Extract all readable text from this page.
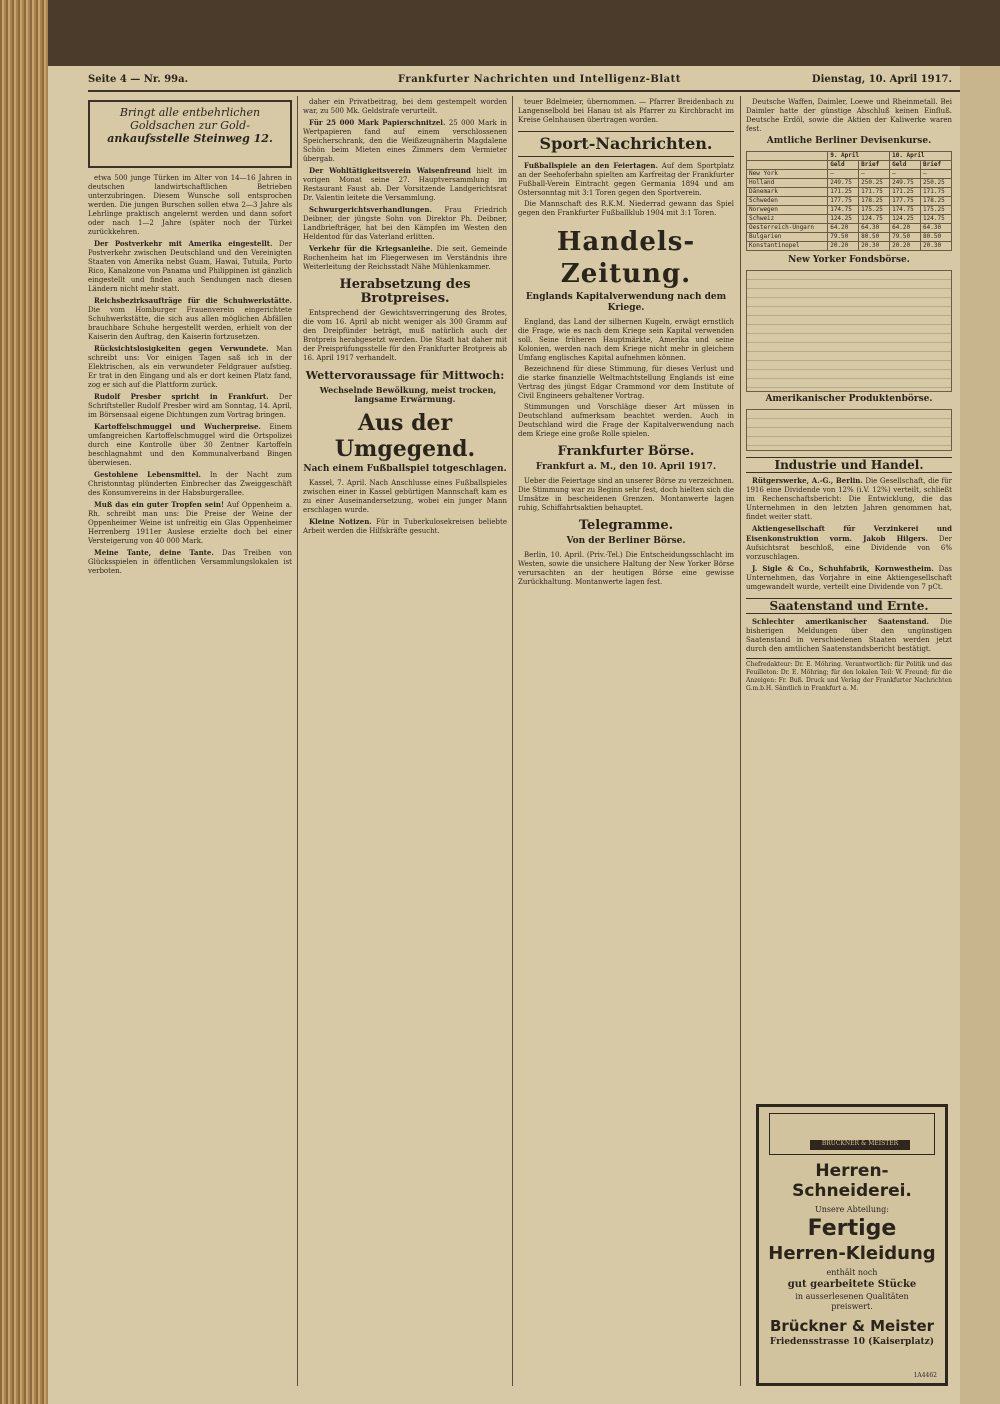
Seite 4 — Nr. 99a.	Frankfurter Nachrichten und Intelligenz-Blatt	Dienstag, 10. April 1917.
Bringt alle entbehrlichen
Goldsachen zur Gold-
ankaufsstelle Steinweg 12.

etwa 500 junge Türken im Alter von 14—16 Jahren in deutschen landwirtschaftlichen Betrieben unterzubringen. Diesem Wunsche soll entsprochen werden. Die jungen Burschen sollen etwa 2—3 Jahre als Lehrlinge praktisch angelernt werden und dann sofort oder nach 1—2 Jahre (später noch der Türkei zurückkehren.

Der Postverkehr mit Amerika eingestellt. Der Postverkehr zwischen Deutschland und den Vereinigten Staaten von Amerika nebst Guam, Hawai, Tutuila, Porto Rico, Kanalzone von Panama und Philippinen ist gänzlich eingestellt und finden auch Sendungen nach diesen Ländern nicht mehr statt.

Reichsbezirksaufträge für die Schuhwerkstätte. Die vom Homburger Frauenverein eingerichtete Schuhwerkstätte, die sich aus allen möglichen Abfällen brauchbare Schuhe hergestellt werden, erhielt von der Kaiserin den Auftrag, den Kaiserin fortzusetzen.

Rücksichtslosigkeiten gegen Verwundete. Man schreibt uns: Vor einigen Tagen saß ich in der Elektrischen, als ein verwundeter Feldgrauer aufstieg. Er trat in den Eingang und als er dort keinen Platz fand, zog er sich auf die Plattform zurück.

Rudolf Presber spricht in Frankfurt. Der Schriftsteller Rudolf Presber wird am Sonntag, 14. April, im Börsensaal eigene Dichtungen zum Vortrag bringen.

Kartoffelschmuggel und Wucherpreise. Einem umfangreichen Kartoffelschmuggel wird die Ortspolizei durch eine Kontrolle über 30 Zentner Kartoffeln beschlagnahmt und den Kommunalverband Bingen überwiesen.

Gestohlene Lebensmittel. In der Nacht zum Christonntag plünderten Einbrecher das Zweiggeschäft des Konsumvereins in der Habsburgerallee.

Muß das ein guter Tropfen sein! Auf Oppenheim a. Rh. schreibt man uns: Die Preise der Weine der Oppenheimer Weine ist unfreitig ein Glas Oppenheimer Herrenberg 1911er Auslese erzielte doch bei einer Versteigerung von 40 000 Mark.

Meine Tante, deine Tante. Das Treiben von Glücksspielen in öffentlichen Versammlungslokalen ist verboten.

daher ein Privatbeitrag, bei dem gestempelt worden war, zu 500 Mk. Geldstrafe verurteilt.

Für 25 000 Mark Papierschnitzel. 25 000 Mark in Wertpapieren fand auf einem verschlossenen Speicherschrank, den die Weißzeugnäherin Magdalene Schön beim Mieten eines Zimmers dem Vermieter übergab.

Der Wohltätigkeitsverein Waisenfreund hielt im vorigen Monat seine 27. Hauptversammlung im Restaurant Faust ab. Der Vorsitzende Landgerichtsrat Dr. Valentin leitete die Versammlung.

Schwurgerichtsverhandlungen. Frau Friedrich Deibner, der jüngste Sohn von Direktor Ph. Deibner, Landbriefträger, hat bei den Kämpfen im Westen den Heldentod für das Vaterland erlitten.

Verkehr für die Kriegsanleihe. Die seit, Gemeinde Rochenheim hat im Fliegerwesen im Verständnis ihre Weiterleitung der Reichsstadt Nähe Mühlenkammer.

Herabsetzung des Brotpreises.

Entsprechend der Gewichtsverringerung des Brotes, die vom 16. April ab nicht weniger als 300 Gramm auf den Dreipfünder beträgt, muß natürlich auch der Brotpreis herabgesetzt werden. Die Stadt hat daher mit der Preisprüfungsstelle für den Frankfurter Brotpreis ab 16. April 1917 verhandelt.

Wettervoraussage für Mittwoch:

Wechselnde Bewölkung, meist trocken, langsame Erwärmung.

Aus der Umgegend.
Nach einem Fußballspiel totgeschlagen.

Kassel, 7. April. Nach Anschlusse eines Fußballspieles zwischen einer in Kassel gebürtigen Mannschaft kam es zu einer Auseinandersetzung, wobei ein junger Mann erschlagen wurde.

Kleine Notizen. Für in Tuberkulosekreisen beliebte Arbeit werden die Hilfskräfte gesucht.

teuer Bdelmeier, übernommen. — Pfarrer Breidenbach zu Langenselbold bei Hanau ist als Pfarrer zu Kirchbracht im Kreise Gelnhausen übertragen worden.

Sport-Nachrichten.

Fußballspiele an den Feiertagen. Auf dem Sportplatz an der Seehoferbahn spielten am Karfreitag der Frankfurter Fußball-Verein Eintracht gegen Germania 1894 und am Ostersonntag mit 3:1 Toren gegen den Sportverein.

Die Mannschaft des R.K.M. Niederrad gewann das Spiel gegen den Frankfurter Fußballklub 1904 mit 3:1 Toren.

Handels-Zeitung.
Englands Kapitalverwendung nach dem Kriege.

England, das Land der silbernen Kugeln, erwägt ernstlich die Frage, wie es nach dem Kriege sein Kapital verwenden soll. Seine früheren Hauptmärkte, Amerika und seine Kolonien, werden nach dem Kriege nicht mehr in gleichem Umfang englisches Kapital aufnehmen können.

Bezeichnend für diese Stimmung, für dieses Verlust und die starke finanzielle Weltmachtstellung Englands ist eine Vertrag des jüngst Edgar Crammond vor dem Institute of Civil Engineers gehaltener Vortrag.

Stimmungen und Vorschläge dieser Art müssen in Deutschland aufmerksam beachtet werden. Auch in Deutschland wird die Frage der Kapitalverwendung nach dem Kriege eine große Rolle spielen.

Frankfurter Börse.
Frankfurt a. M., den 10. April 1917.

Ueber die Feiertage sind an unserer Börse zu verzeichnen. Die Stimmung war zu Beginn sehr fest, doch hielten sich die Umsätze in bescheidenen Grenzen. Montanwerte lagen ruhig, Schiffahrtsaktien behauptet.

Telegramme.
Von der Berliner Börse.

Berlin, 10. April. (Priv.-Tel.) Die Entscheidungsschlacht im Westen, sowie die unsichere Haltung der New Yorker Börse verursachten an der heutigen Börse eine gewisse Zurückhaltung. Montanwerte lagen fest.

Deutsche Waffen, Daimler, Loewe und Rheinmetall. Bei Daimler hatte der günstige Abschluß keinen Einfluß. Deutsche Erdöl, sowie die Aktien der Kaliwerke waren fest.

Amtliche Berliner Devisenkurse.
	9. April		10. April	
	Geld	Brief	Geld	Brief
New York	—	—	—	—
Holland	249.75	250.25	249.75	250.25
Dänemark	171.25	171.75	171.25	171.75
Schweden	177.75	178.25	177.75	178.25
Norwegen	174.75	175.25	174.75	175.25
Schweiz	124.25	124.75	124.25	124.75
Oesterreich-Ungarn	64.20	64.30	64.20	64.30
Bulgarien	79.50	80.50	79.50	80.50
Konstantinopel	20.20	20.30	20.20	20.30
New Yorker Fondsbörse.
Amerikanischer Produktenbörse.
Industrie und Handel.

Rütgerswerke, A.-G., Berlin. Die Gesellschaft, die für 1916 eine Dividende von 12% (i.V. 12%) verteilt, schließt im Rechenschaftsbericht: Die Entwicklung, die das Unternehmen in den letzten Jahren genommen hat, findet weiter statt.

Aktiengesellschaft für Verzinkerei und Eisenkonstruktion vorm. Jakob Hilgers. Der Aufsichtsrat beschloß, eine Dividende von 6% vorzuschlagen.

J. Sigle & Co., Schuhfabrik, Kornwestheim. Das Unternehmen, das Vorjahre in eine Aktiengesellschaft umgewandelt wurde, verteilt eine Dividende von 7 pCt.

Saatenstand und Ernte.

Schlechter amerikanischer Saatenstand. Die bisherigen Meldungen über den ungünstigen Saatenstand in verschiedenen Staaten werden jetzt durch den amtlichen Saatenstandsbericht bestätigt.

Chefredakteur: Dr. E. Möhring. Verantwortlich: für Politik und das Feuilleton: Dr. E. Möhring; für den lokalen Teil: W. Freund; für die Anzeigen: Fr. Buß. Druck und Verlag der Frankfurter Nachrichten G.m.b.H. Sämtlich in Frankfurt a. M.
BRÜCKNER & MEISTER
Herren-Schneiderei.
Unsere Abteilung:
Fertige
Herren-Kleidung
enthält noch
gut gearbeitete Stücke
in ausserlesenen Qualitäten
preiswert.
Brückner & Meister
Friedensstrasse 10 (Kaiserplatz)
1A4462
